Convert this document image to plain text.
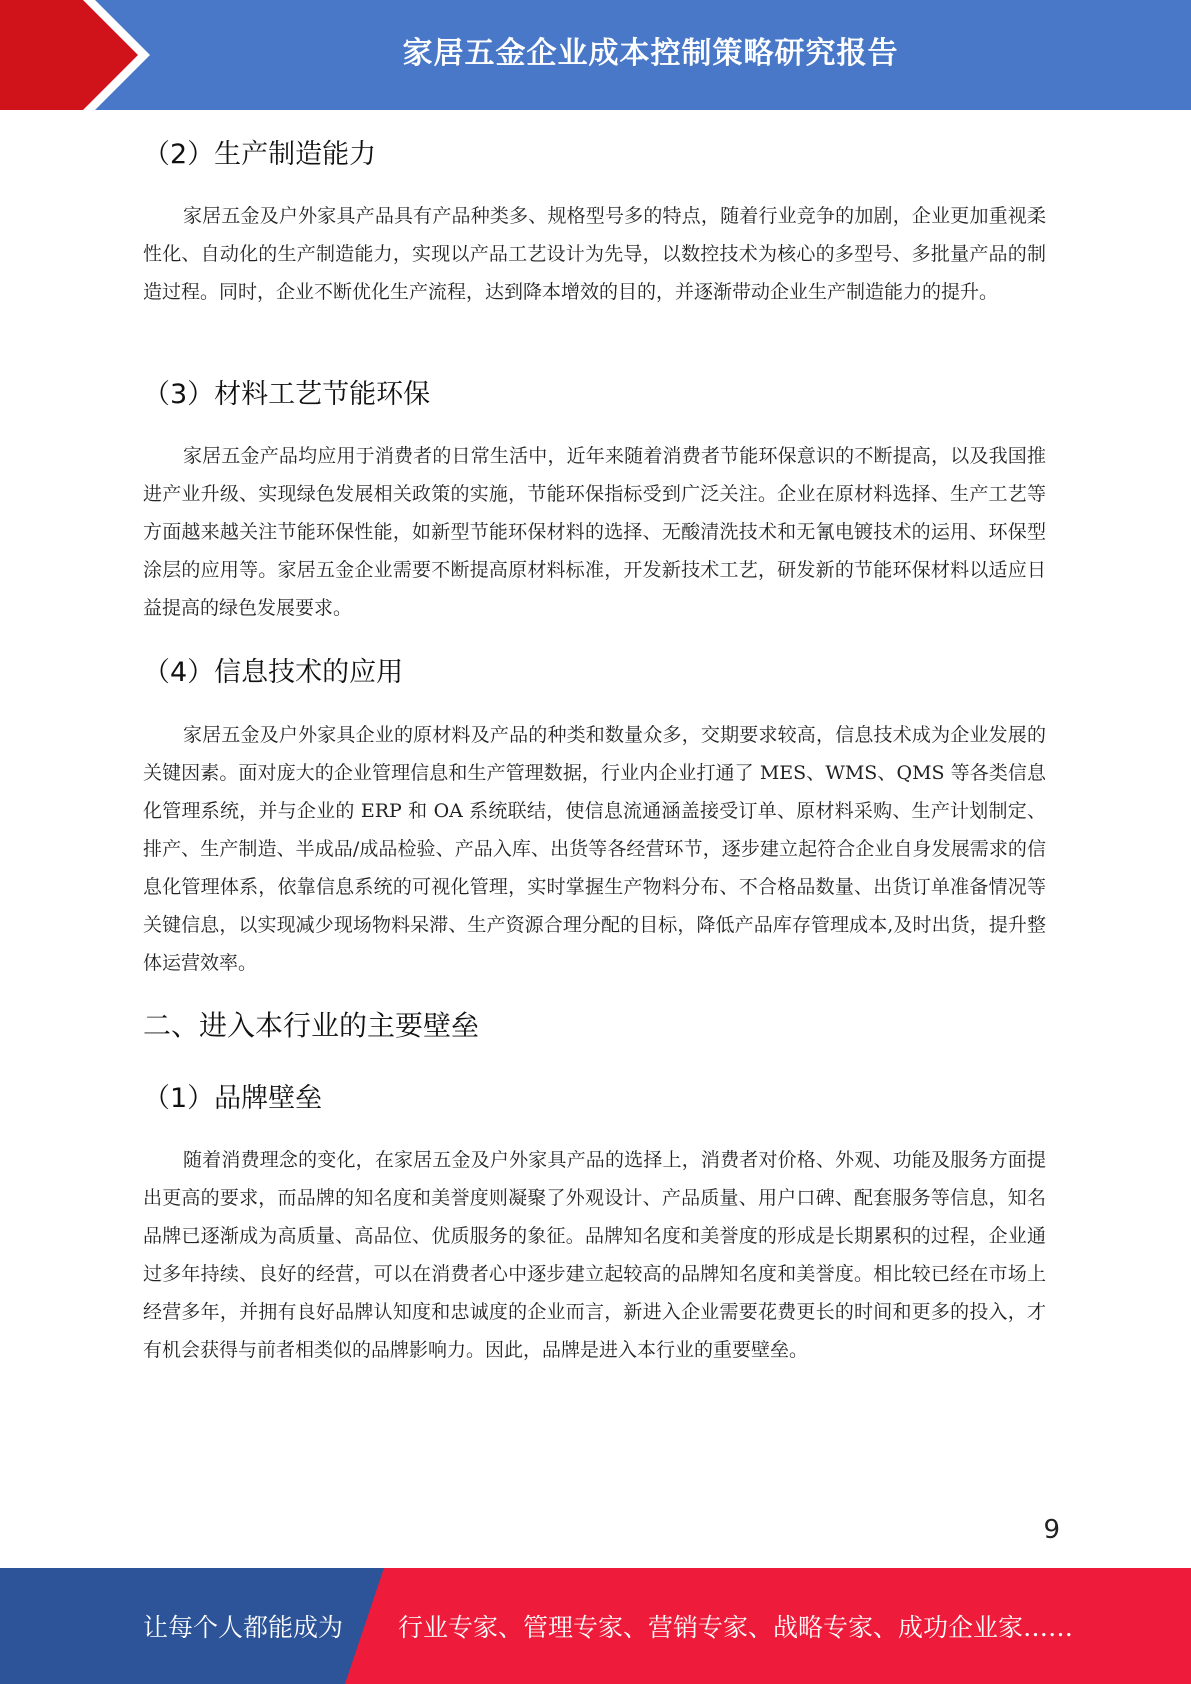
家居五金企业成本控制策略研究报告
（2）生产制造能力

家居五金及户外家具产品具有产品种类多、规格型号多的特点，随着行业竞争的加剧，企业更加重视柔性化、自动化的生产制造能力，实现以产品工艺设计为先导，以数控技术为核心的多型号、多批量产品的制造过程。同时，企业不断优化生产流程，达到降本增效的目的，并逐渐带动企业生产制造能力的提升。

（3）材料工艺节能环保

家居五金产品均应用于消费者的日常生活中，近年来随着消费者节能环保意识的不断提高，以及我国推进产业升级、实现绿色发展相关政策的实施，节能环保指标受到广泛关注。企业在原材料选择、生产工艺等方面越来越关注节能环保性能，如新型节能环保材料的选择、无酸清洗技术和无氰电镀技术的运用、环保型涂层的应用等。家居五金企业需要不断提高原材料标准，开发新技术工艺，研发新的节能环保材料以适应日益提高的绿色发展要求。

（4）信息技术的应用

家居五金及户外家具企业的原材料及产品的种类和数量众多，交期要求较高，信息技术成为企业发展的关键因素。面对庞大的企业管理信息和生产管理数据，行业内企业打通了 MES、WMS、QMS 等各类信息化管理系统，并与企业的 ERP 和 OA 系统联结，使信息流通涵盖接受订单、原材料采购、生产计划制定、排产、生产制造、半成品/成品检验、产品入库、出货等各经营环节，逐步建立起符合企业自身发展需求的信息化管理体系，依靠信息系统的可视化管理，实时掌握生产物料分布、不合格品数量、出货订单准备情况等关键信息，以实现减少现场物料呆滞、生产资源合理分配的目标，降低产品库存管理成本,及时出货，提升整体运营效率。

二、进入本行业的主要壁垒
（1）品牌壁垒

随着消费理念的变化，在家居五金及户外家具产品的选择上，消费者对价格、外观、功能及服务方面提出更高的要求，而品牌的知名度和美誉度则凝聚了外观设计、产品质量、用户口碑、配套服务等信息，知名品牌已逐渐成为高质量、高品位、优质服务的象征。品牌知名度和美誉度的形成是长期累积的过程，企业通过多年持续、良好的经营，可以在消费者心中逐步建立起较高的品牌知名度和美誉度。相比较已经在市场上经营多年，并拥有良好品牌认知度和忠诚度的企业而言，新进入企业需要花费更长的时间和更多的投入，才有机会获得与前者相类似的品牌影响力。因此，品牌是进入本行业的重要壁垒。

9
让每个人都能成为 行业专家、管理专家、营销专家、战略专家、成功企业家……
